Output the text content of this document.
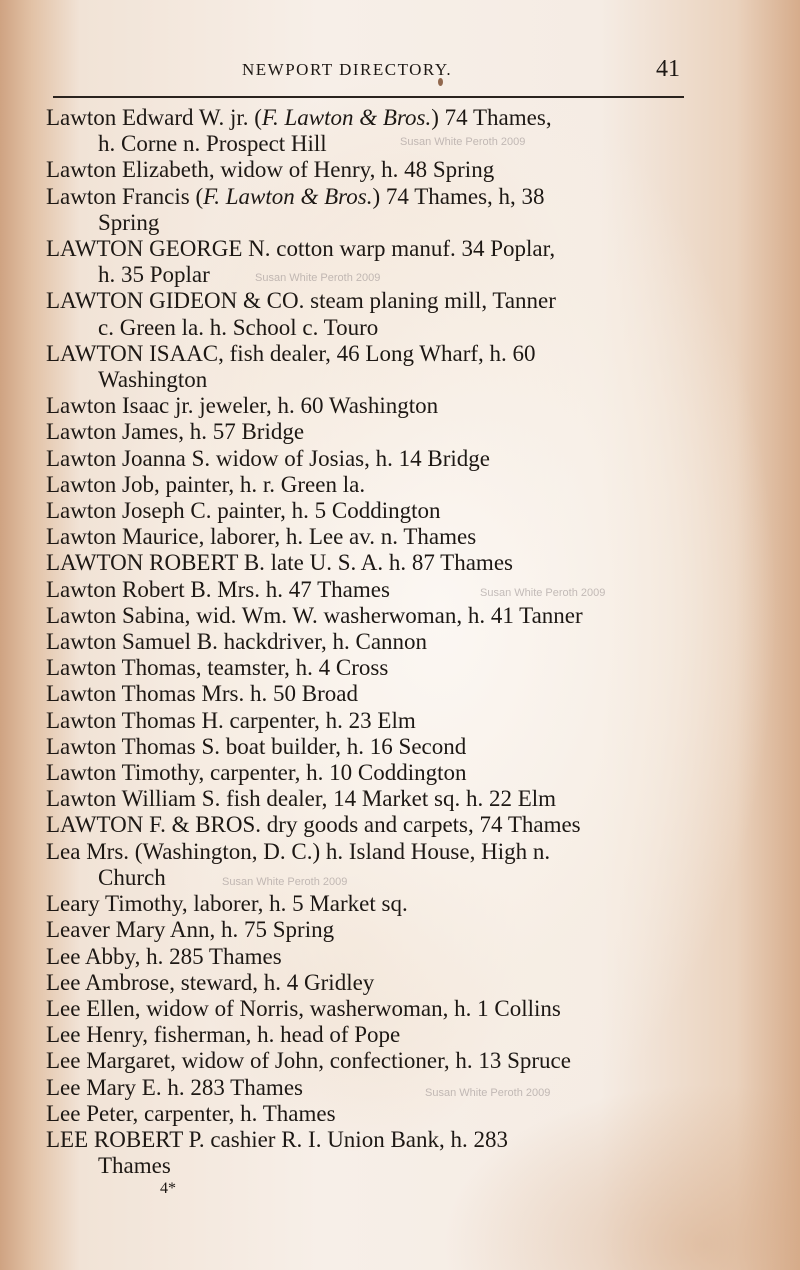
NEWPORT DIRECTORY.	41
Lawton Edward W. jr. (F. Lawton & Bros.) 74 Thames,
h. Corne n. Prospect Hill
Lawton Elizabeth, widow of Henry, h. 48 Spring
Lawton Francis (F. Lawton & Bros.) 74 Thames, h, 38
Spring
LAWTON GEORGE N. cotton warp manuf. 34 Poplar,
h. 35 Poplar
LAWTON GIDEON & CO. steam planing mill, Tanner
c. Green la. h. School c. Touro
LAWTON ISAAC, fish dealer, 46 Long Wharf, h. 60
Washington
Lawton Isaac jr. jeweler, h. 60 Washington
Lawton James, h. 57 Bridge
Lawton Joanna S. widow of Josias, h. 14 Bridge
Lawton Job, painter, h. r. Green la.
Lawton Joseph C. painter, h. 5 Coddington
Lawton Maurice, laborer, h. Lee av. n. Thames
LAWTON ROBERT B. late U. S. A. h. 87 Thames
Lawton Robert B. Mrs. h. 47 Thames
Lawton Sabina, wid. Wm. W. washerwoman, h. 41 Tanner
Lawton Samuel B. hackdriver, h. Cannon
Lawton Thomas, teamster, h. 4 Cross
Lawton Thomas Mrs. h. 50 Broad
Lawton Thomas H. carpenter, h. 23 Elm
Lawton Thomas S. boat builder, h. 16 Second
Lawton Timothy, carpenter, h. 10 Coddington
Lawton William S. fish dealer, 14 Market sq. h. 22 Elm
LAWTON F. & BROS. dry goods and carpets, 74 Thames
Lea Mrs. (Washington, D. C.) h. Island House, High n.
Church
Leary Timothy, laborer, h. 5 Market sq.
Leaver Mary Ann, h. 75 Spring
Lee Abby, h. 285 Thames
Lee Ambrose, steward, h. 4 Gridley
Lee Ellen, widow of Norris, washerwoman, h. 1 Collins
Lee Henry, fisherman, h. head of Pope
Lee Margaret, widow of John, confectioner, h. 13 Spruce
Lee Mary E. h. 283 Thames
Lee Peter, carpenter, h. Thames
LEE ROBERT P. cashier R. I. Union Bank, h. 283
Thames
Susan White Peroth 2009
Susan White Peroth 2009
Susan White Peroth 2009
Susan White Peroth 2009
Susan White Peroth 2009
4*
